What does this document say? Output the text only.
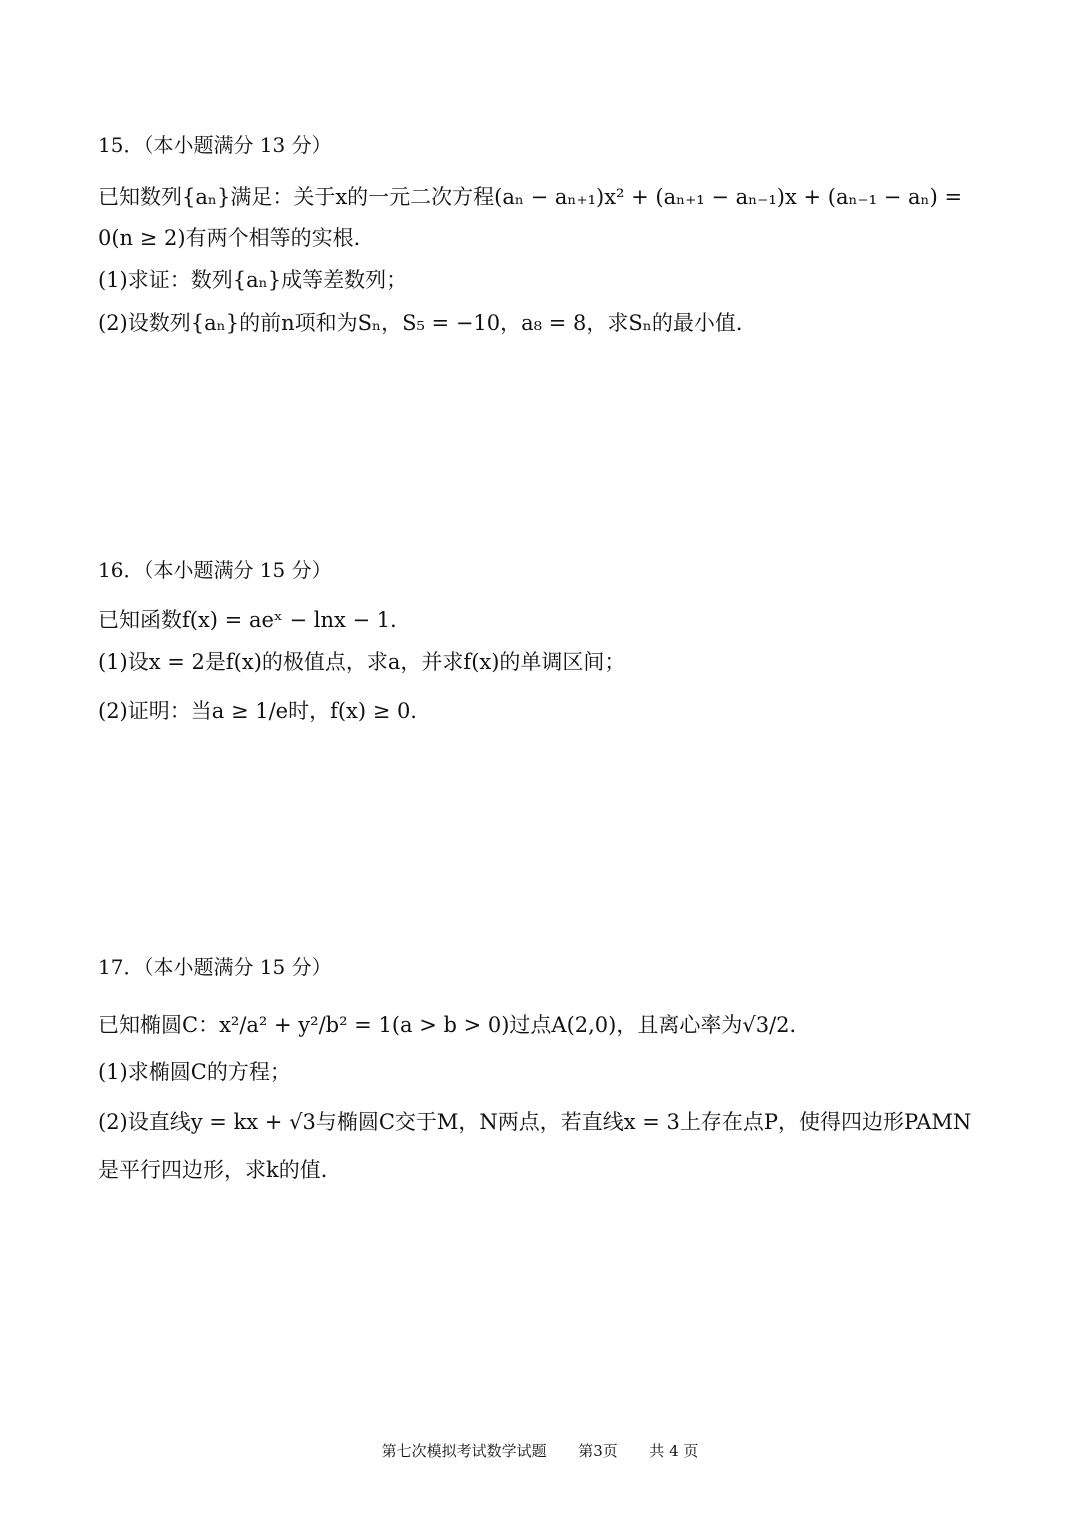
15．（本小题满分 13 分）
已知数列{aₙ}满足：关于x的一元二次方程(aₙ − aₙ₊₁)x² + (aₙ₊₁ − aₙ₋₁)x + (aₙ₋₁ − aₙ) =
0(n ≥ 2)有两个相等的实根．
(1)求证：数列{aₙ}成等差数列；
(2)设数列{aₙ}的前n项和为Sₙ，S₅ = −10，a₈ = 8，求Sₙ的最小值．
16．（本小题满分 15 分）
已知函数f(x) = aeˣ − lnx − 1．
(1)设x = 2是f(x)的极值点，求a，并求f(x)的单调区间；
(2)证明：当a ≥ 1/e时，f(x) ≥ 0．
17．（本小题满分 15 分）
已知椭圆C：x²/a² + y²/b² = 1(a > b > 0)过点A(2,0)，且离心率为√3/2．
(1)求椭圆C的方程；
(2)设直线y = kx + √3与椭圆C交于M，N两点，若直线x = 3上存在点P，使得四边形PAMN
是平行四边形，求k的值．
第七次模拟考试数学试题 第3页 共 4 页
